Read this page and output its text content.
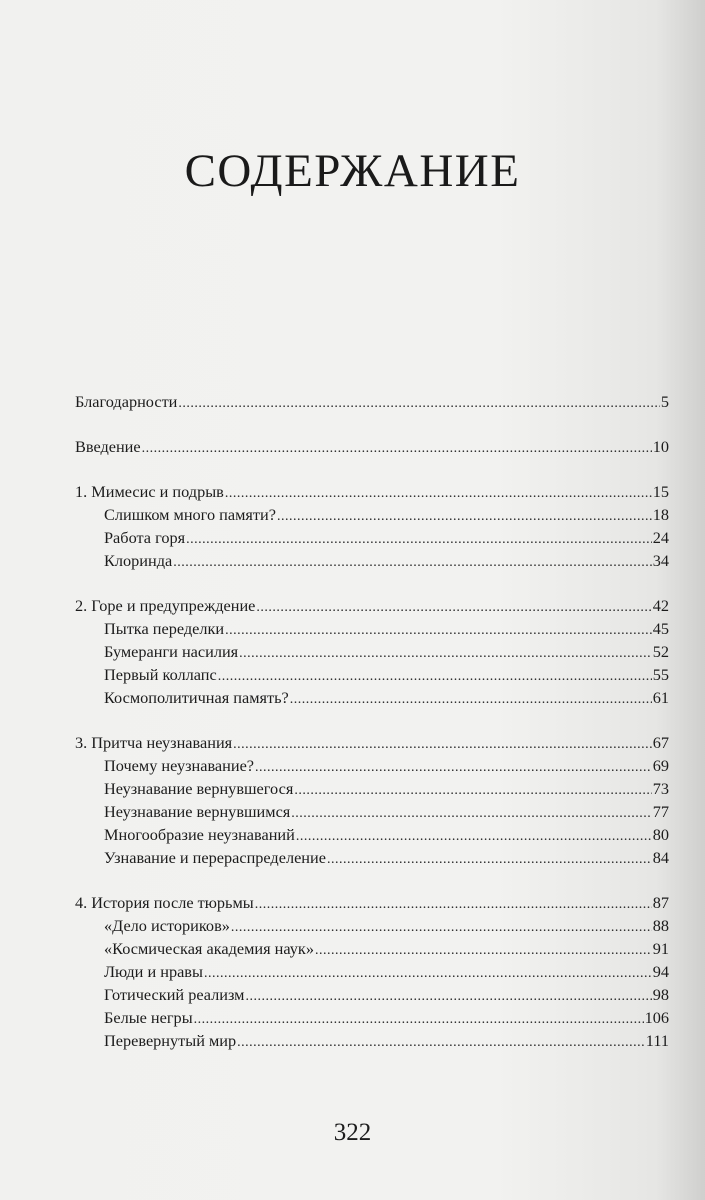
СОДЕРЖАНИЕ
Благодарности .....	5
Введение .....	10
1. Мимесис и подрыв .....	15
Слишком много памяти? .....	18
Работа горя .....	24
Клоринда .....	34
2. Горе и предупреждение .....	42
Пытка переделки .....	45
Бумеранги насилия .....	52
Первый коллапс .....	55
Космополитичная память? .....	61
3. Притча неузнавания .....	67
Почему неузнавание? .....	69
Неузнавание вернувшегося .....	73
Неузнавание вернувшимся .....	77
Многообразие неузнаваний .....	80
Узнавание и перераспределение .....	84
4. История после тюрьмы .....	87
«Дело историков» .....	88
«Космическая академия наук» .....	91
Люди и нравы .....	94
Готический реализм .....	98
Белые негры .....	106
Перевернутый мир .....	111
322
